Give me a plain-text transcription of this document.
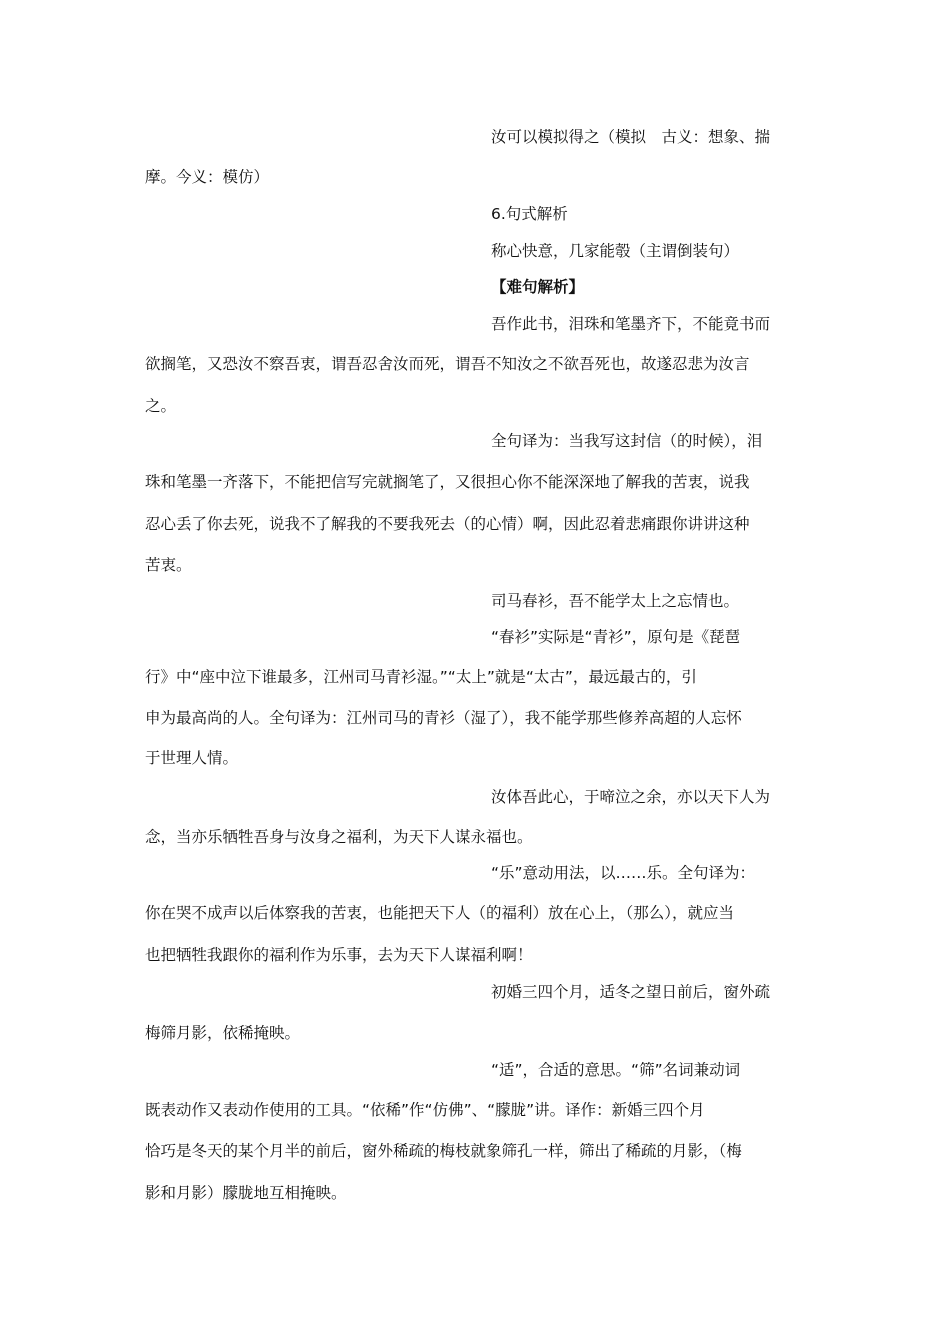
汝可以模拟得之（模拟　古义：想象、揣

摩。今义：模仿）

6.句式解析

称心快意，几家能彀（主谓倒装句）

【难句解析】

吾作此书，泪珠和笔墨齐下，不能竟书而

欲搁笔，又恐汝不察吾衷，谓吾忍舍汝而死，谓吾不知汝之不欲吾死也，故遂忍悲为汝言

之。

全句译为：当我写这封信（的时候），泪

珠和笔墨一齐落下，不能把信写完就搁笔了，又很担心你不能深深地了解我的苦衷，说我

忍心丢了你去死，说我不了解我的不要我死去（的心情）啊，因此忍着悲痛跟你讲讲这种

苦衷。

司马春衫，吾不能学太上之忘情也。

“春衫”实际是“青衫”，原句是《琵琶

行》中“座中泣下谁最多，江州司马青衫湿。”“太上”就是“太古”，最远最古的，引

申为最高尚的人。全句译为：江州司马的青衫（湿了），我不能学那些修养高超的人忘怀

于世理人情。

汝体吾此心，于啼泣之余，亦以天下人为

念，当亦乐牺牲吾身与汝身之福利，为天下人谋永福也。

“乐”意动用法，以……乐。全句译为：

你在哭不成声以后体察我的苦衷，也能把天下人（的福利）放在心上，（那么），就应当

也把牺牲我跟你的福利作为乐事，去为天下人谋福利啊！

初婚三四个月，适冬之望日前后，窗外疏

梅筛月影，依稀掩映。

“适”，合适的意思。“筛”名词兼动词

既表动作又表动作使用的工具。“依稀”作“仿佛”、“朦胧”讲。译作：新婚三四个月

恰巧是冬天的某个月半的前后，窗外稀疏的梅枝就象筛孔一样，筛出了稀疏的月影，（梅

影和月影）朦胧地互相掩映。
